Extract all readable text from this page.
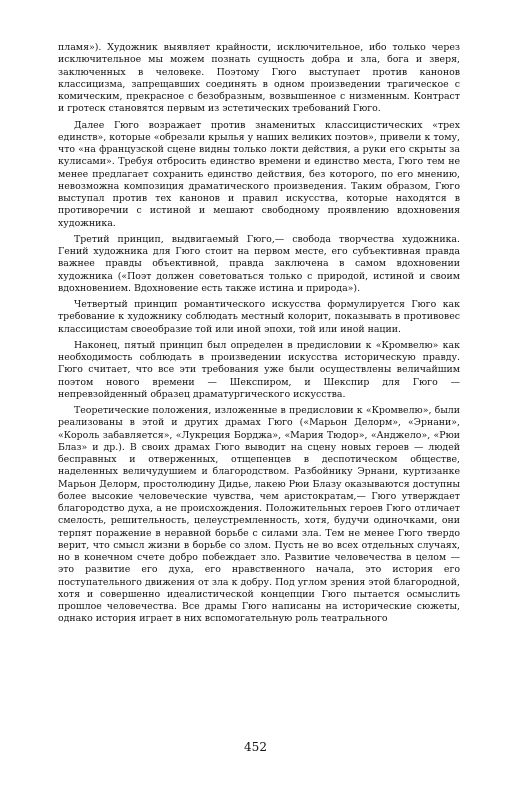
пламя»). Художник выявляет крайности, исключительное, ибо только через исключительное мы можем познать сущность добра и зла, бога и зверя, заключенных в человеке. Поэтому Гюго выступает против канонов классицизма, запрещавших соединять в одном произведении трагическое с комическим, прекрасное с безобразным, возвышенное с низменным. Контраст и гротеск становятся первым из эстетических требований Гюго.

Далее Гюго возражает против знаменитых классицистических «трех единств», которые «обрезали крылья у наших великих поэтов», привели к тому, что «на французской сцене видны только локти действия, а руки его скрыты за кулисами». Требуя отбросить единство времени и единство места, Гюго тем не менее предлагает сохранить единство действия, без которого, по его мнению, невозможна композиция драматического произведения. Таким образом, Гюго выступал против тех канонов и правил искусства, которые находятся в противоречии с истиной и мешают свободному проявлению вдохновения художника.

Третий принцип, выдвигаемый Гюго,— свобода творчества художника. Гений художника для Гюго стоит на первом месте, его субъективная правда важнее правды объективной, правда заключена в самом вдохновении художника («Поэт должен советоваться только с природой, истиной и своим вдохновением. Вдохновение есть также истина и природа»).

Четвертый принцип романтического искусства формулируется Гюго как требование к художнику соблюдать местный колорит, показывать в противовес классицистам своеобразие той или иной эпохи, той или иной нации.

Наконец, пятый принцип был определен в предисловии к «Кромвелю» как необходимость соблюдать в произведении искусства историческую правду. Гюго считает, что все эти требования уже были осуществлены величайшим поэтом нового времени — Шекспиром, и Шекспир для Гюго — непревзойденный образец драматургического искусства.

Теоретические положения, изложенные в предисловии к «Кромвелю», были реализованы в этой и других драмах Гюго («Марьон Делорм», «Эрнани», «Король забавляется», «Лукреция Борджа», «Мария Тюдор», «Анджело», «Рюи Блаз» и др.). В своих драмах Гюго выводит на сцену новых героев — людей бесправных и отверженных, отщепенцев в деспотическом обществе, наделенных величудушием и благородством. Разбойнику Эрнани, куртизанке Марьон Делорм, простолюдину Дидье, лакею Рюи Блазу оказываются доступны более высокие человеческие чувства, чем аристократам,— Гюго утверждает благородство духа, а не происхождения. Положительных героев Гюго отличает смелость, решительность, целеустремленность, хотя, будучи одиночками, они терпят поражение в неравной борьбе с силами зла. Тем не менее Гюго твердо верит, что смысл жизни в борьбе со злом. Пусть не во всех отдельных случаях, но в конечном счете добро побеждает зло. Развитие человечества в целом — это развитие его духа, его нравственного начала, это история его поступательного движения от зла к добру. Под углом зрения этой благородной, хотя и совершенно идеалистической концепции Гюго пытается осмыслить прошлое человечества. Все драмы Гюго написаны на исторические сюжеты, однако история играет в них вспомогательную роль театрального

452
